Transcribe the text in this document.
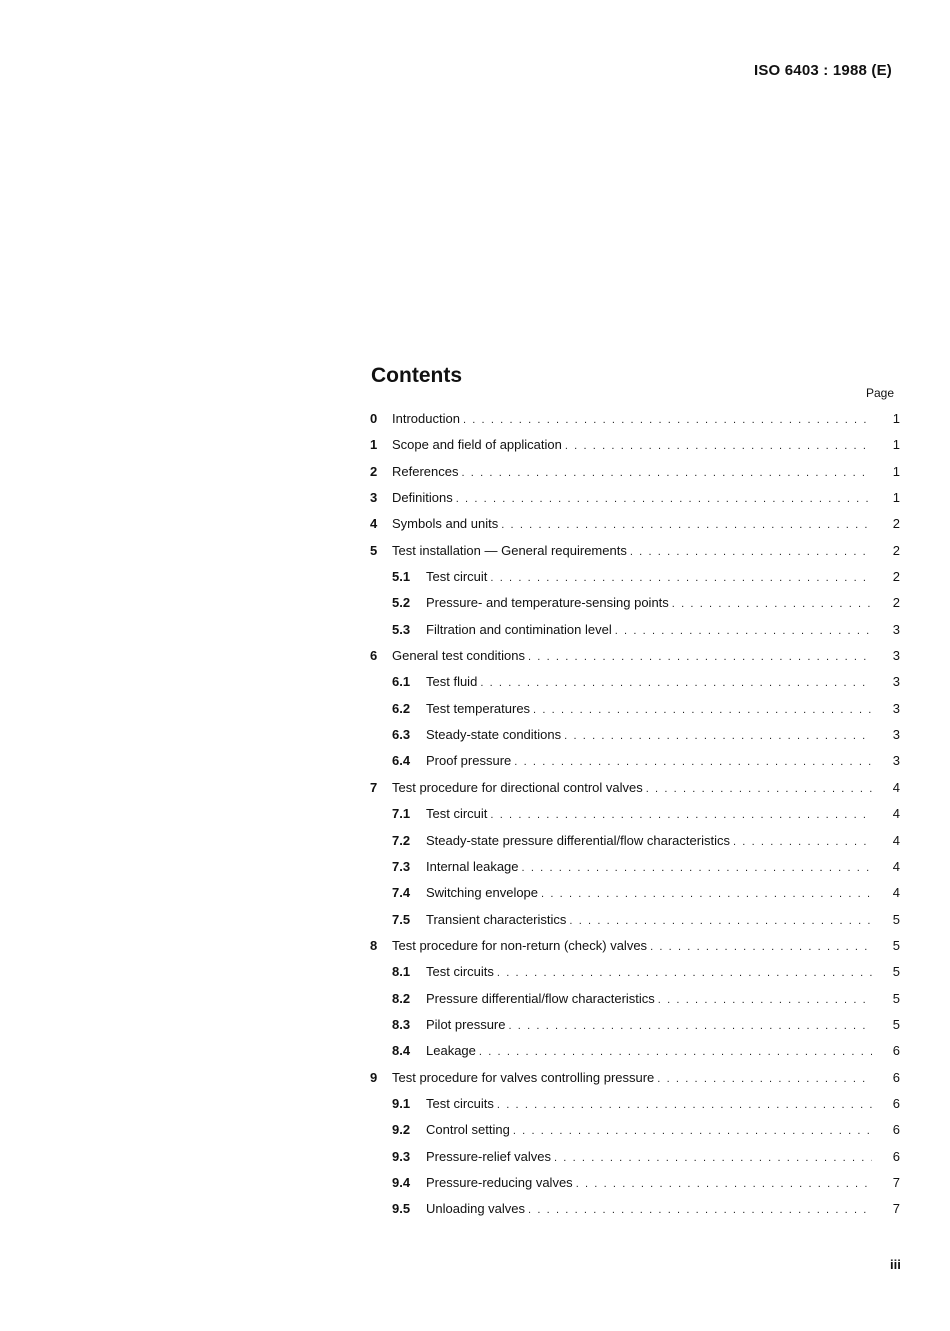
ISO 6403 : 1988 (E)
Contents
Page
0	Introduction . . .	1
1	Scope and field of application . . .	1
2	References . . .	1
3	Definitions . . .	1
4	Symbols and units . . .	2
5	Test installation — General requirements . . .	2
5.1	Test circuit . . .	2
5.2	Pressure- and temperature-sensing points . . .	2
5.3	Filtration and contimination level . . .	3
6	General test conditions . . .	3
6.1	Test fluid . . .	3
6.2	Test temperatures . . .	3
6.3	Steady-state conditions . . .	3
6.4	Proof pressure . . .	3
7	Test procedure for directional control valves . . .	4
7.1	Test circuit . . .	4
7.2	Steady-state pressure differential/flow characteristics . . .	4
7.3	Internal leakage . . .	4
7.4	Switching envelope . . .	4
7.5	Transient characteristics . . .	5
8	Test procedure for non-return (check) valves . . .	5
8.1	Test circuits . . .	5
8.2	Pressure differential/flow characteristics . . .	5
8.3	Pilot pressure . . .	5
8.4	Leakage . . .	6
9	Test procedure for valves controlling pressure . . .	6
9.1	Test circuits . . .	6
9.2	Control setting . . .	6
9.3	Pressure-relief valves . . .	6
9.4	Pressure-reducing valves . . .	7
9.5	Unloading valves . . .	7
iii
